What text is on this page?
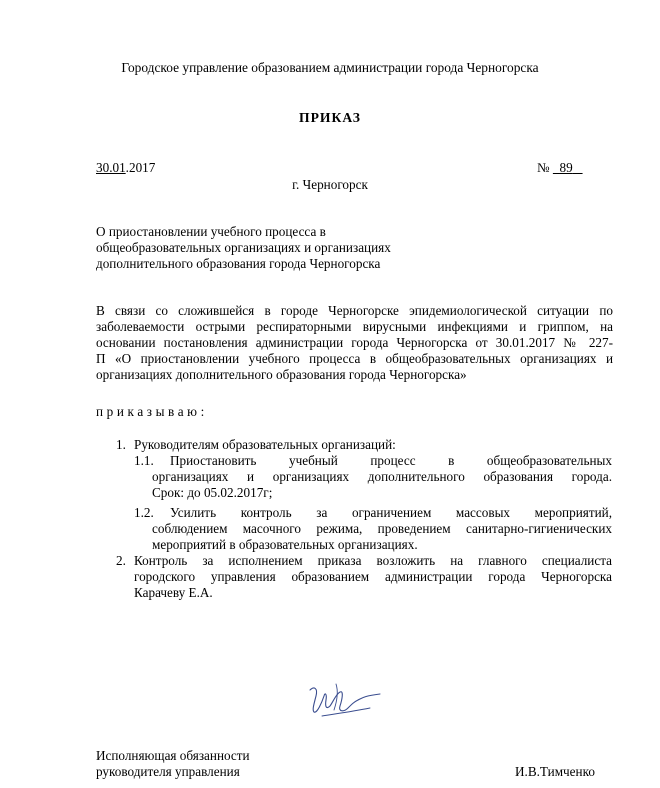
Городское управление образованием администрации города Черногорска
ПРИКАЗ
30.01.2017	№ 89
г. Черногорск
О приостановлении учебного процесса в
общеобразовательных организациях и организациях
дополнительного образования города Черногорска
В связи со сложившейся в городе Черногорске эпидемиологической ситуации по
заболеваемости острыми респираторными вирусными инфекциями и гриппом, на
основании постановления администрации города Черногорска от 30.01.2017 № 227-
П «О приостановлении учебного процесса в общеобразовательных организациях и
организациях дополнительного образования города Черногорска»
приказываю:
1. Руководителям образовательных организаций:
1.1. Приостановить учебный процесс в общеобразовательных
организациях и организациях дополнительного образования города.
Срок: до 05.02.2017г;
1.2. Усилить контроль за ограничением массовых мероприятий,
соблюдением масочного режима, проведением санитарно-гигиенических
мероприятий в образовательных организациях.
2. Контроль за исполнением приказа возложить на главного специалиста
городского управления образованием администрации города Черногорска
Карачеву Е.А.
Исполняющая обязанности
руководителя управления	И.В.Тимченко
